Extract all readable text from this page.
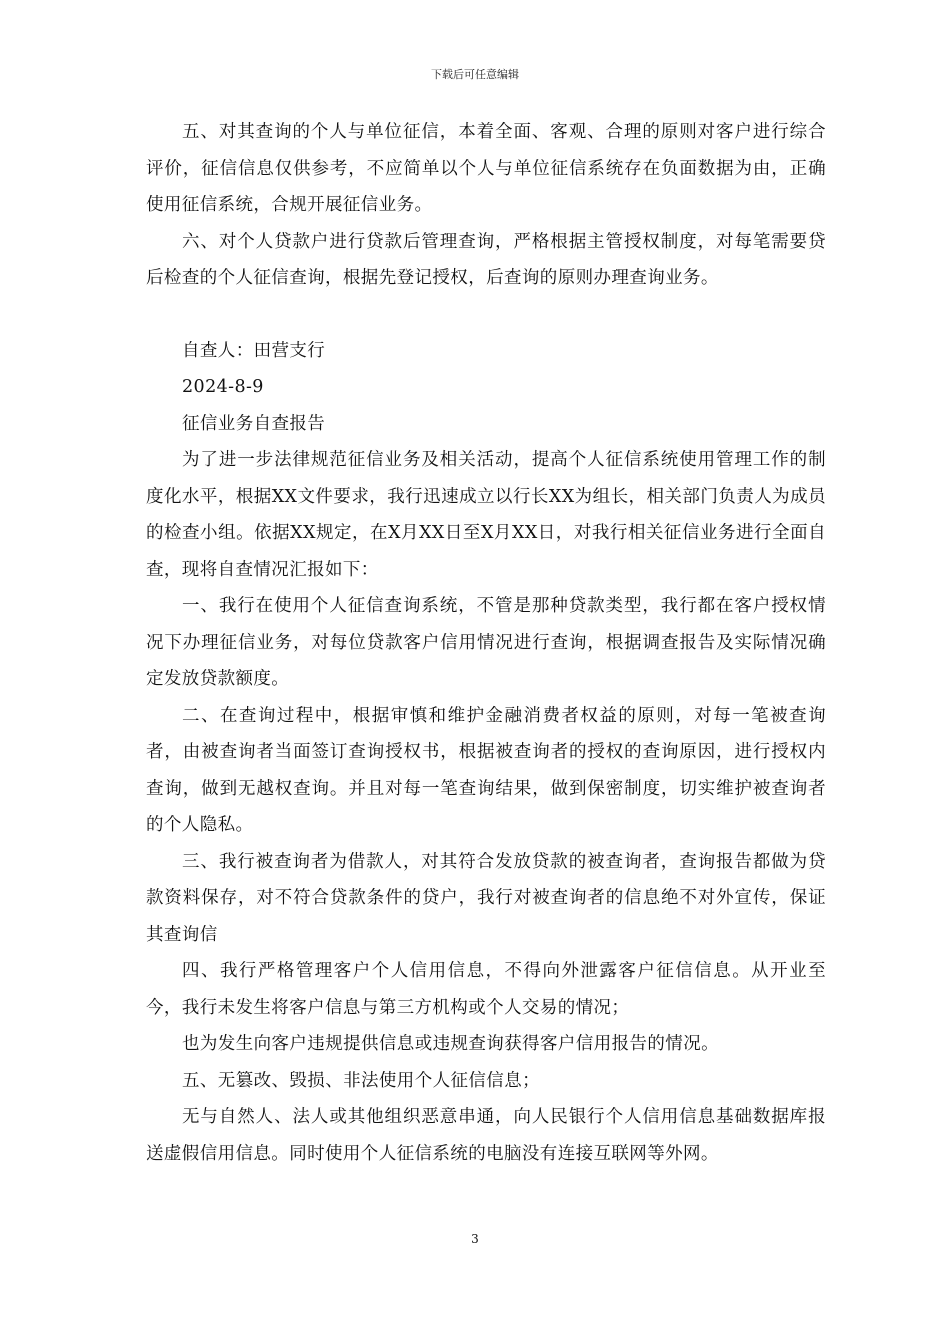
下载后可任意编辑

五、对其查询的个人与单位征信，本着全面、客观、合理的原则对客户进行综合评价，征信信息仅供参考，不应简单以个人与单位征信系统存在负面数据为由，正确使用征信系统，合规开展征信业务。

六、对个人贷款户进行贷款后管理查询，严格根据主管授权制度，对每笔需要贷后检查的个人征信查询，根据先登记授权，后查询的原则办理查询业务。

自查人：田营支行

2024-8-9

征信业务自查报告

为了进一步法律规范征信业务及相关活动，提高个人征信系统使用管理工作的制度化水平，根据XX文件要求，我行迅速成立以行长XX为组长，相关部门负责人为成员的检查小组。依据XX规定，在X月XX日至X月XX日，对我行相关征信业务进行全面自查，现将自查情况汇报如下：

一、我行在使用个人征信查询系统，不管是那种贷款类型，我行都在客户授权情况下办理征信业务，对每位贷款客户信用情况进行查询，根据调查报告及实际情况确定发放贷款额度。

二、在查询过程中，根据审慎和维护金融消费者权益的原则，对每一笔被查询者，由被查询者当面签订查询授权书，根据被查询者的授权的查询原因，进行授权内查询，做到无越权查询。并且对每一笔查询结果，做到保密制度，切实维护被查询者的个人隐私。

三、我行被查询者为借款人，对其符合发放贷款的被查询者，查询报告都做为贷款资料保存，对不符合贷款条件的贷户，我行对被查询者的信息绝不对外宣传，保证其查询信

四、我行严格管理客户个人信用信息，不得向外泄露客户征信信息。从开业至今，我行未发生将客户信息与第三方机构或个人交易的情况；

也为发生向客户违规提供信息或违规查询获得客户信用报告的情况。

五、无篡改、毁损、非法使用个人征信信息；

无与自然人、法人或其他组织恶意串通，向人民银行个人信用信息基础数据库报送虚假信用信息。同时使用个人征信系统的电脑没有连接互联网等外网。

3
